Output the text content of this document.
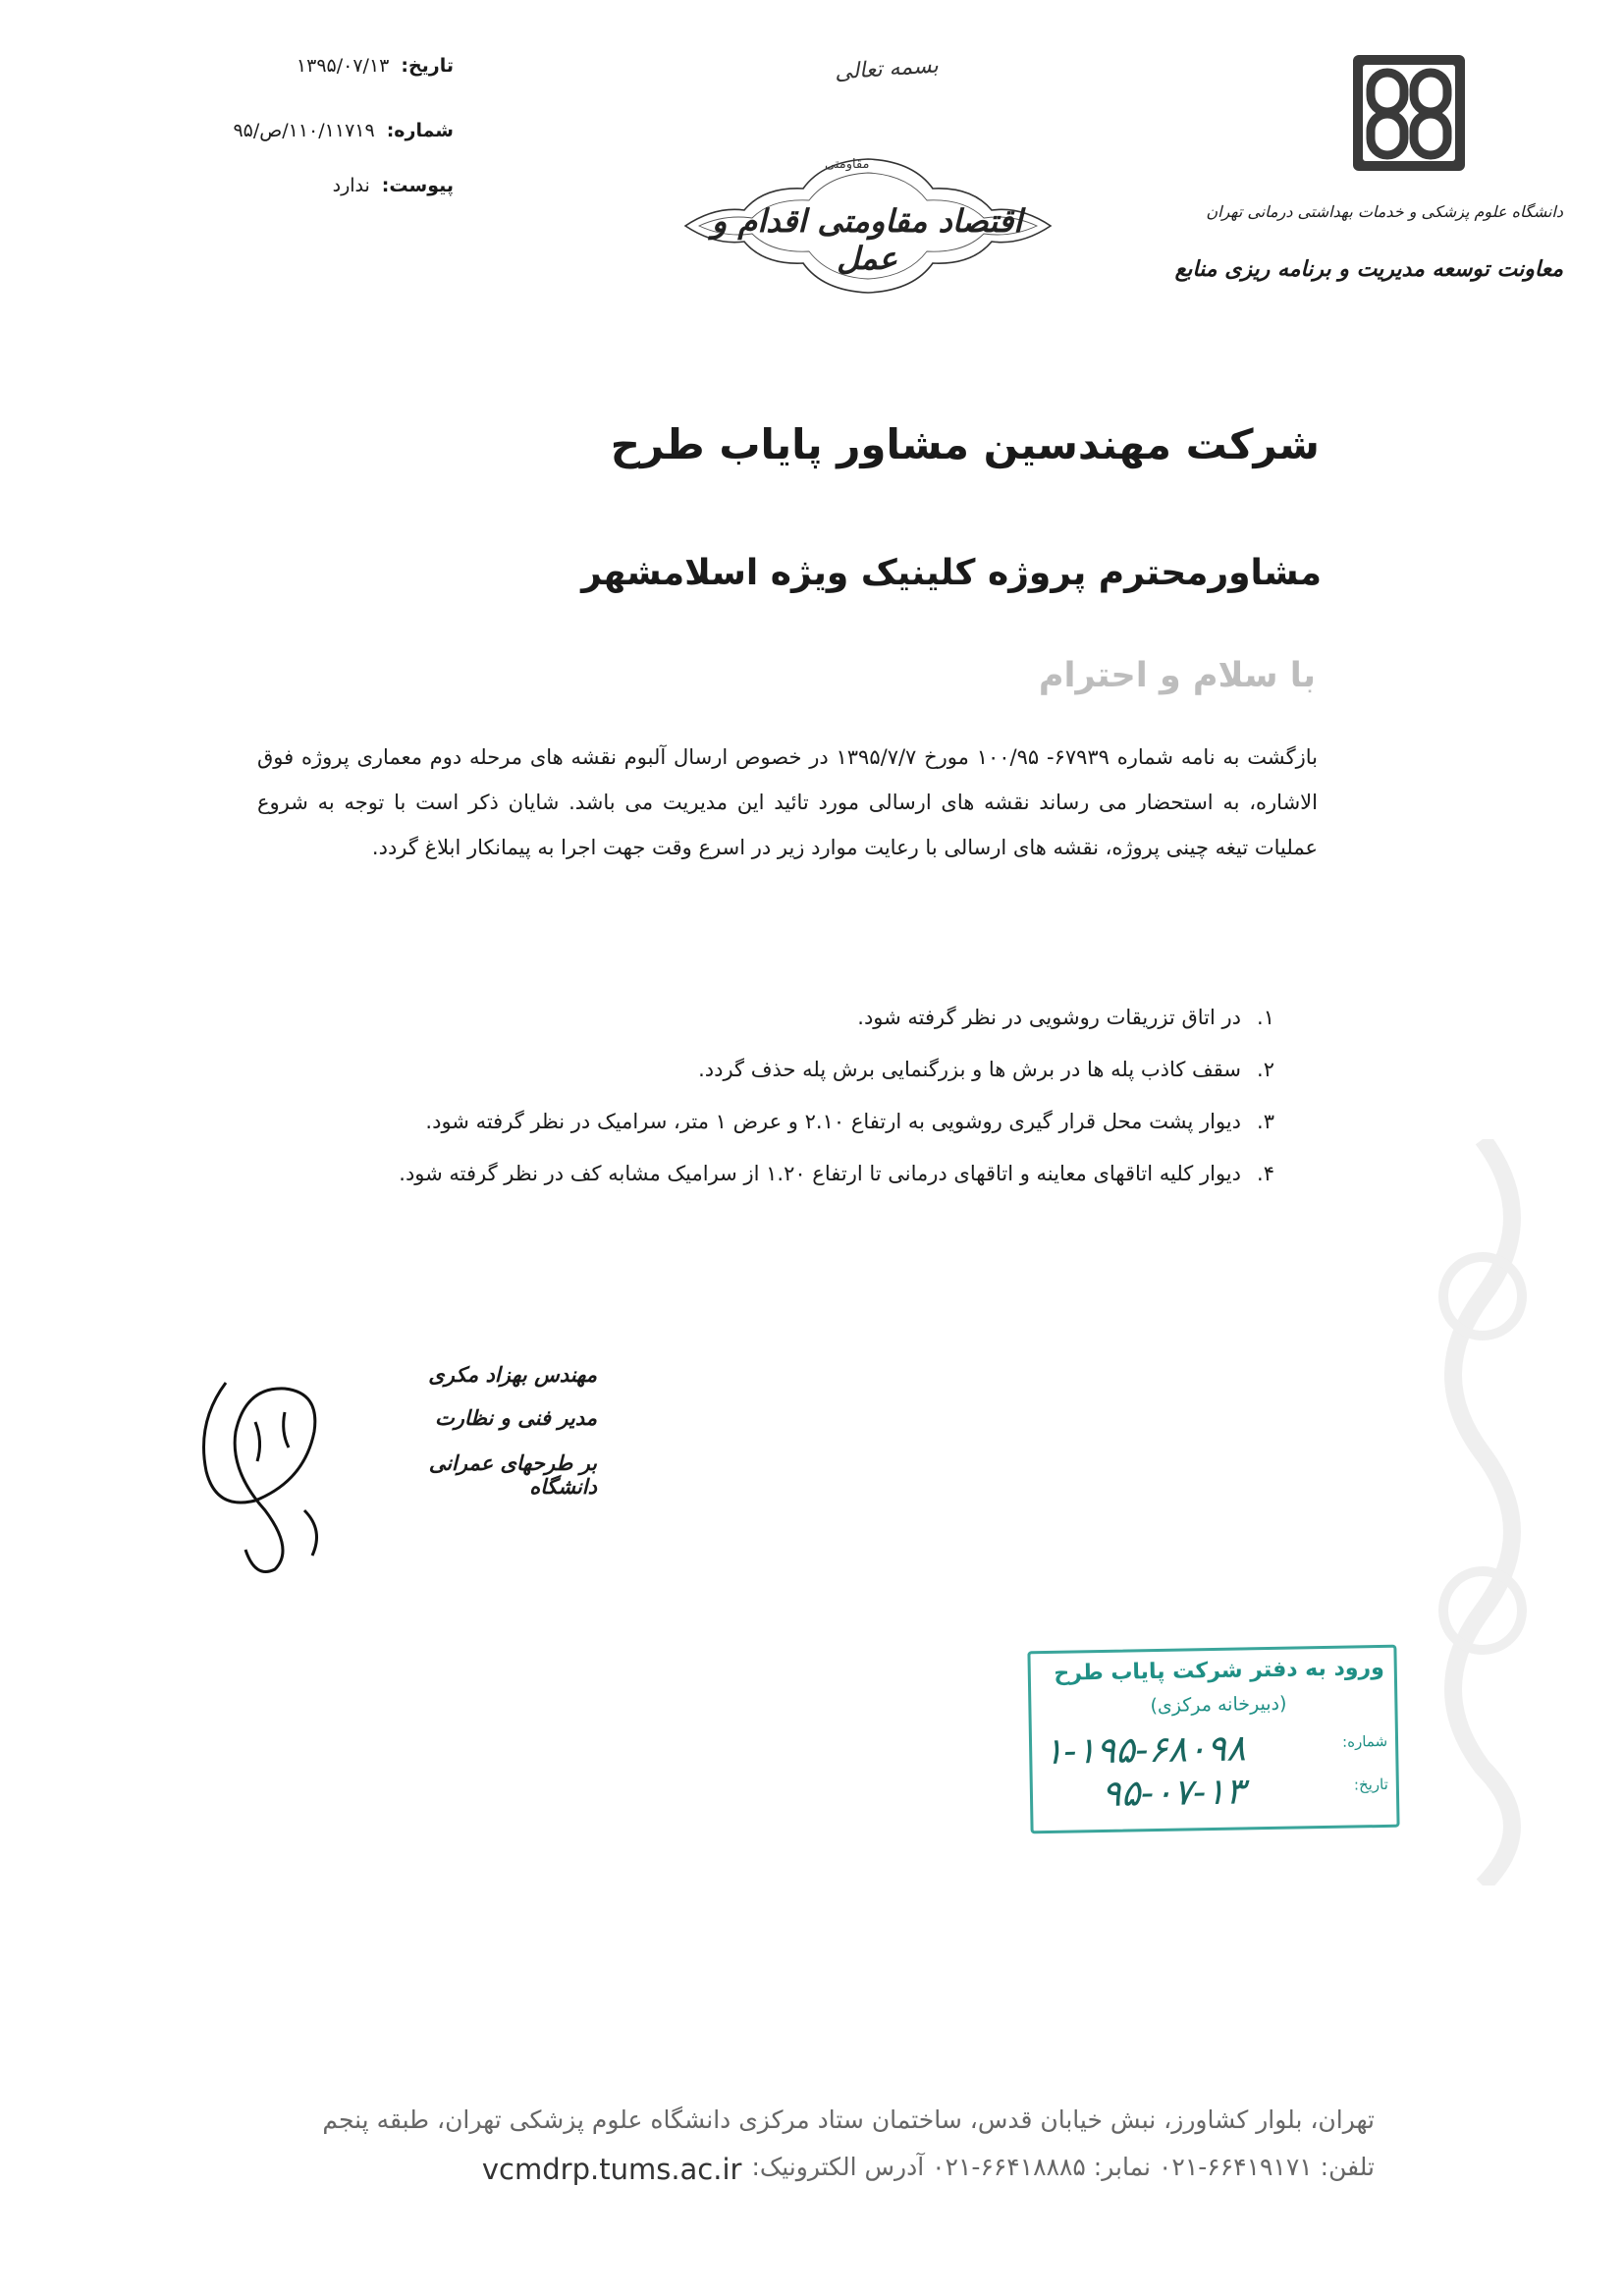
تاریخ:
۱۳۹۵/۰۷/۱۳
شماره:
۱۱۰/۱۱۷۱۹/ص/۹۵
پیوست:
ندارد
بسمه تعالی
مقاومتی
اقتصاد مقاومتی اقدام و عمل
دانشگاه علوم پزشکی و خدمات بهداشتی درمانی تهران
معاونت توسعه مدیریت و برنامه ریزی منابع
شرکت مهندسین مشاور پایاب طرح
مشاورمحترم پروژه کلینیک ویژه اسلامشهر
با سلام و احترام
بازگشت به نامه شماره ۶۷۹۳۹- ۱۰۰/۹۵ مورخ ۱۳۹۵/۷/۷ در خصوص ارسال آلبوم نقشه های مرحله دوم معماری پروژه فوق الاشاره، به استحضار می رساند نقشه های ارسالی مورد تائید این مدیریت می باشد. شایان ذکر است با توجه به شروع عملیات تیغه چینی پروژه، نقشه های ارسالی با رعایت موارد زیر در اسرع وقت جهت اجرا به پیمانکار ابلاغ گردد.
۱.
در اتاق تزریقات روشویی در نظر گرفته شود.
۲.
سقف کاذب پله ها در برش ها و بزرگنمایی برش پله حذف گردد.
۳.
دیوار پشت محل قرار گیری روشویی به ارتفاع ۲.۱۰ و عرض ۱ متر، سرامیک در نظر گرفته شود.
۴.
دیوار کلیه اتاقهای معاینه و اتاقهای درمانی تا ارتفاع ۱.۲۰ از سرامیک مشابه کف در نظر گرفته شود.
مهندس بهزاد مکری
مدیر فنی و نظارت
بر طرحهای عمرانی دانشگاه
ورود به دفتر شرکت پایاب طرح
(دبیرخانه مرکزی)
شماره:
۱-۱۹۵-۶۸۰۹۸
تاریخ:
۹۵-۰۷-۱۳
تهران، بلوار کشاورز، نبش خیابان قدس، ساختمان ستاد مرکزی دانشگاه علوم پزشکی تهران، طبقه پنجم
تلفن: ۶۶۴۱۹۱۷۱-۰۲۱ نمابر: ۶۶۴۱۸۸۸۵-۰۲۱ آدرس الکترونیک:
vcmdrp.tums.ac.ir
